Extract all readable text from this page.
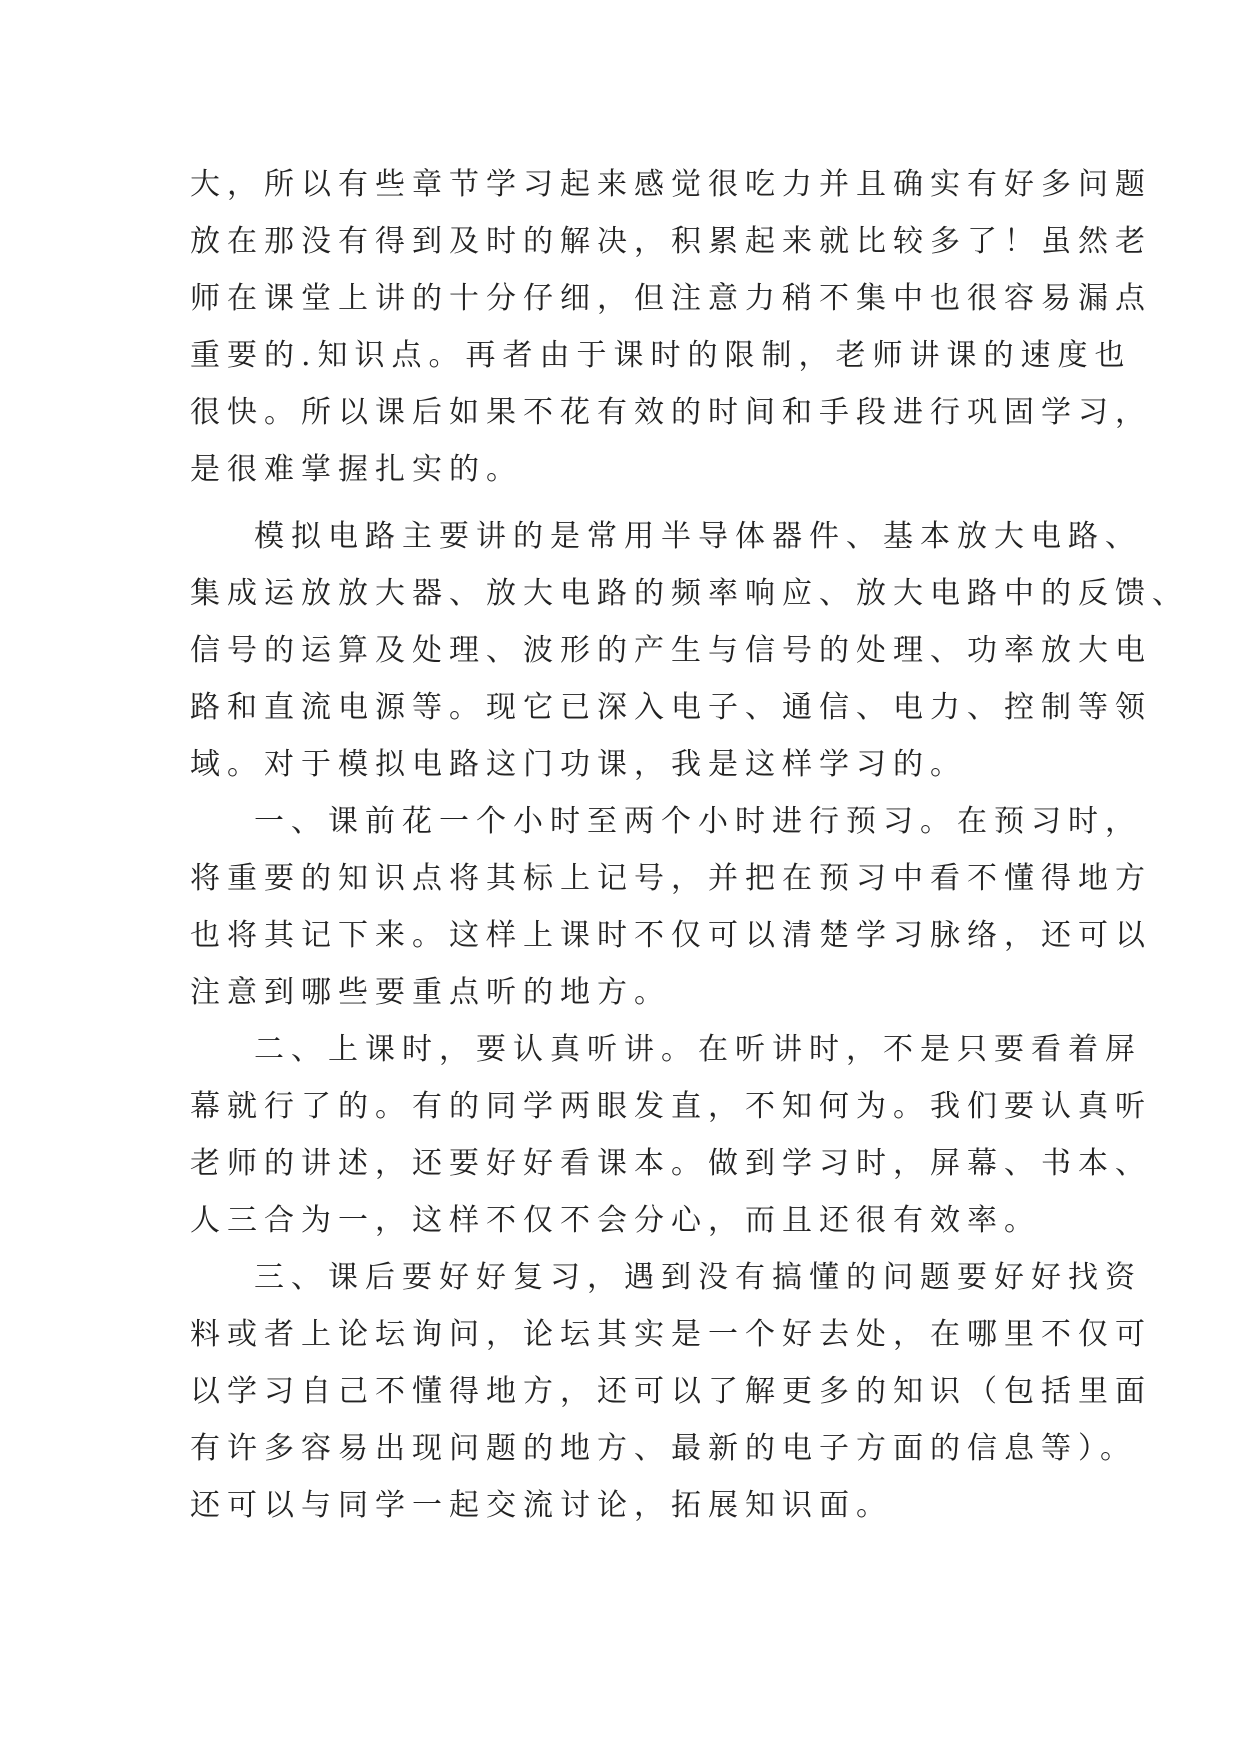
大，所以有些章节学习起来感觉很吃力并且确实有好多问题
放在那没有得到及时的解决，积累起来就比较多了！虽然老
师在课堂上讲的十分仔细，但注意力稍不集中也很容易漏点
重要的.知识点。再者由于课时的限制，老师讲课的速度也
很快。所以课后如果不花有效的时间和手段进行巩固学习，
是很难掌握扎实的。
模拟电路主要讲的是常用半导体器件、基本放大电路、
集成运放放大器、放大电路的频率响应、放大电路中的反馈、
信号的运算及处理、波形的产生与信号的处理、功率放大电
路和直流电源等。现它已深入电子、通信、电力、控制等领
域。对于模拟电路这门功课，我是这样学习的。
一、课前花一个小时至两个小时进行预习。在预习时，
将重要的知识点将其标上记号，并把在预习中看不懂得地方
也将其记下来。这样上课时不仅可以清楚学习脉络，还可以
注意到哪些要重点听的地方。
二、上课时，要认真听讲。在听讲时，不是只要看着屏
幕就行了的。有的同学两眼发直，不知何为。我们要认真听
老师的讲述，还要好好看课本。做到学习时，屏幕、书本、
人三合为一，这样不仅不会分心，而且还很有效率。
三、课后要好好复习，遇到没有搞懂的问题要好好找资
料或者上论坛询问，论坛其实是一个好去处，在哪里不仅可
以学习自己不懂得地方，还可以了解更多的知识（包括里面
有许多容易出现问题的地方、最新的电子方面的信息等）。
还可以与同学一起交流讨论，拓展知识面。
